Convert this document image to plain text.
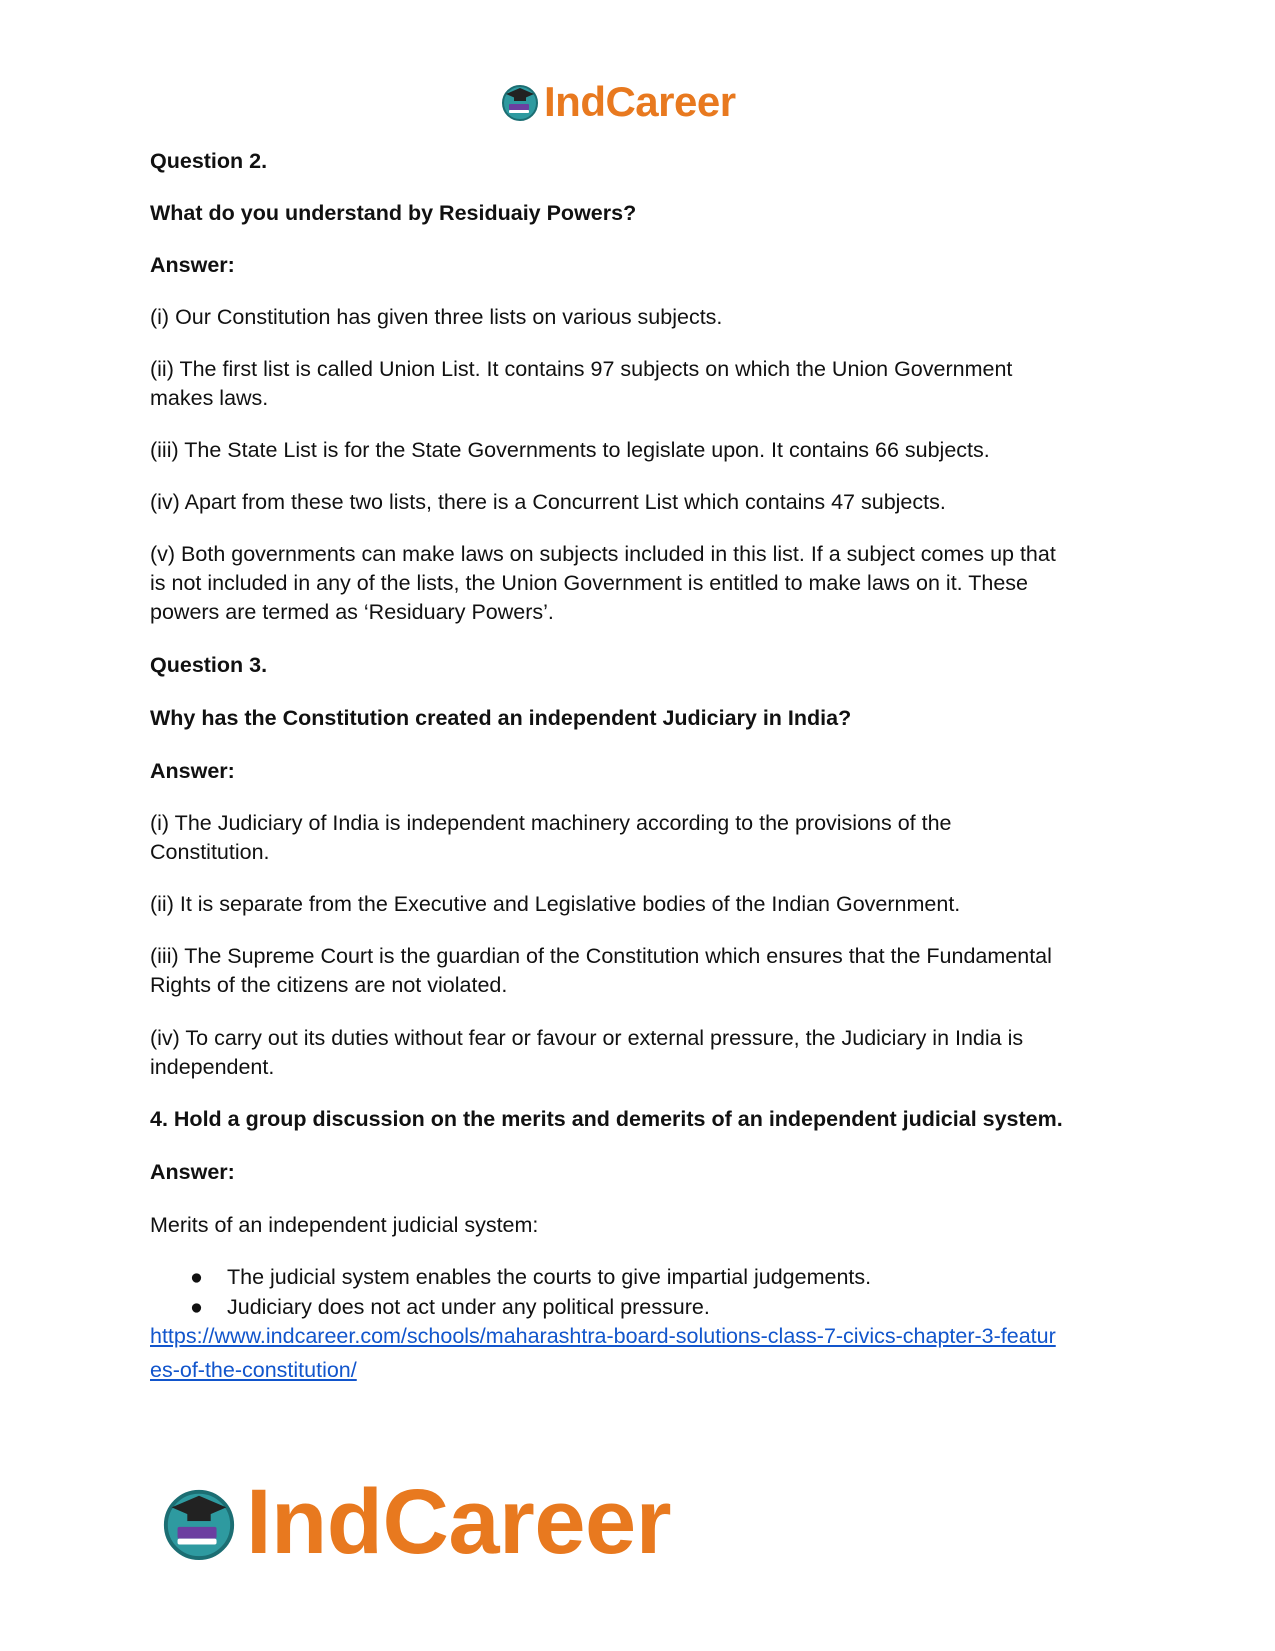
IndCareer
Question 2.
What do you understand by Residuaiy Powers?
Answer:
(i) Our Constitution has given three lists on various subjects.
(ii) The first list is called Union List. It contains 97 subjects on which the Union Government
makes laws.
(iii) The State List is for the State Governments to legislate upon. It contains 66 subjects.
(iv) Apart from these two lists, there is a Concurrent List which contains 47 subjects.
(v) Both governments can make laws on subjects included in this list. If a subject comes up that
is not included in any of the lists, the Union Government is entitled to make laws on it. These
powers are termed as ‘Residuary Powers’.
Question 3.
Why has the Constitution created an independent Judiciary in India?
Answer:
(i) The Judiciary of India is independent machinery according to the provisions of the
Constitution.
(ii) It is separate from the Executive and Legislative bodies of the Indian Government.
(iii) The Supreme Court is the guardian of the Constitution which ensures that the Fundamental
Rights of the citizens are not violated.
(iv) To carry out its duties without fear or favour or external pressure, the Judiciary in India is
independent.
4. Hold a group discussion on the merits and demerits of an independent judicial system.
Answer:
Merits of an independent judicial system:
● The judicial system enables the courts to give impartial judgements.
● Judiciary does not act under any political pressure.
https://www.indcareer.com/schools/maharashtra-board-solutions-class-7-civics-chapter-3-featur
es-of-the-constitution/
IndCareer
